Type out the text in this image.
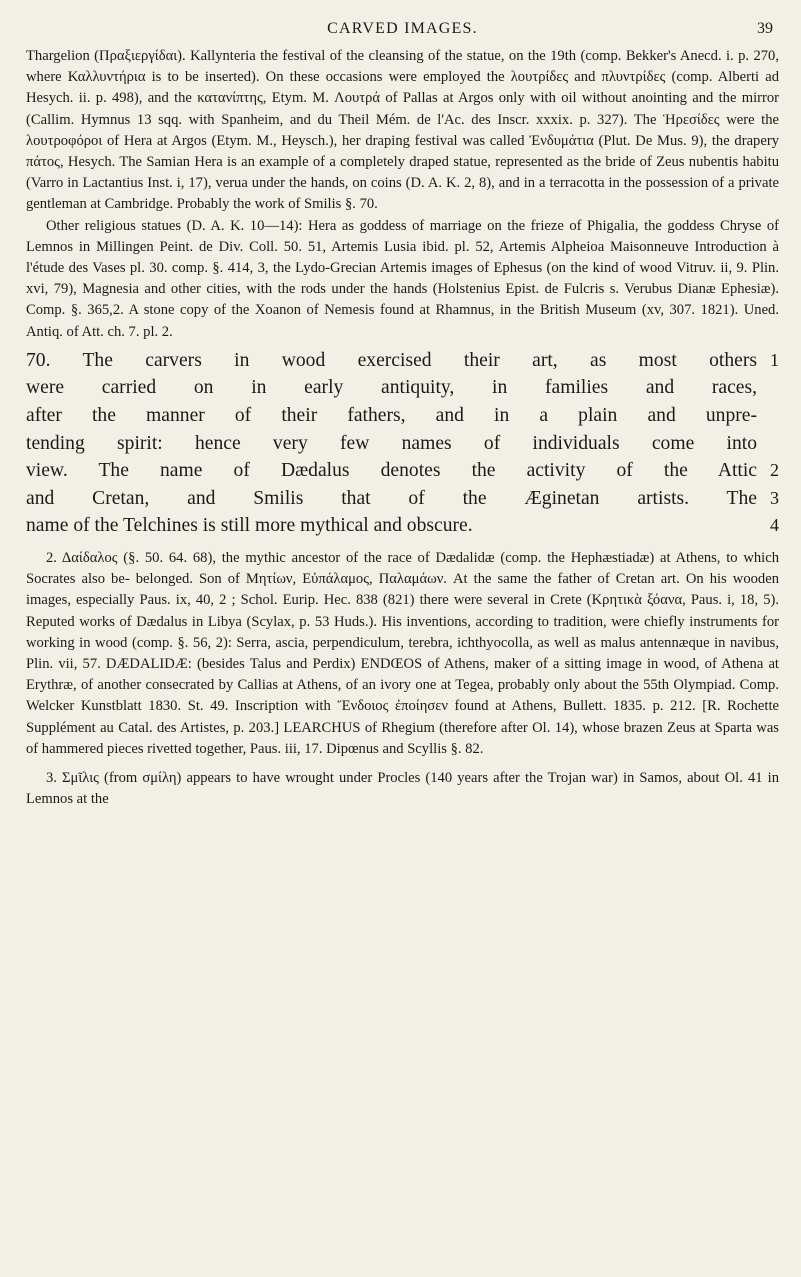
CARVED IMAGES.	39

Thargelion (Πραξιεργίδαι). Kallynteria the festival of the cleansing of the statue, on the 19th (comp. Bekker's Anecd. i. p. 270, where Καλλυντήρια is to be inserted). On these occasions were employed the λουτρίδες and πλυντρίδες (comp. Alberti ad Hesych. ii. p. 498), and the κατανίπτης, Etym. M. Λουτρά of Pallas at Argos only with oil without anointing and the mirror (Callim. Hymnus 13 sqq. with Spanheim, and du Theil Mém. de l'Ac. des Inscr. xxxix. p. 327). The Ἡρεσίδες were the λουτροφόροι of Hera at Argos (Etym. M., Heysch.), her draping festival was called Ἐνδυμάτια (Plut. De Mus. 9), the drapery πάτος, Hesych. The Samian Hera is an example of a completely draped statue, represented as the bride of Zeus nubentis habitu (Varro in Lactantius Inst. i, 17), verua under the hands, on coins (D. A. K. 2, 8), and in a terracotta in the possession of a private gentleman at Cambridge. Probably the work of Smilis §. 70.

Other religious statues (D. A. K. 10—14): Hera as goddess of marriage on the frieze of Phigalia, the goddess Chryse of Lemnos in Millingen Peint. de Div. Coll. 50. 51, Artemis Lusia ibid. pl. 52, Artemis Alpheioa Maisonneuve Introduction à l'étude des Vases pl. 30. comp. §. 414, 3, the Lydo-Grecian Artemis images of Ephesus (on the kind of wood Vitruv. ii, 9. Plin. xvi, 79), Magnesia and other cities, with the rods under the hands (Holstenius Epist. de Fulcris s. Verubus Dianæ Ephesiæ). Comp. §. 365,2. A stone copy of the Xoanon of Nemesis found at Rhamnus, in the British Museum (xv, 307. 1821). Uned. Antiq. of Att. ch. 7. pl. 2.

70. The carvers in wood exercised their art, as most others 1
were carried on in early antiquity, in families and races,
after the manner of their fathers, and in a plain and unpre-
tending spirit: hence very few names of individuals come into
view. The name of Dædalus denotes the activity of the Attic 2
and Cretan, and Smilis that of the Æginetan artists. The 3
name of the Telchines is still more mythical and obscure.	4

2. Δαίδαλος (§. 50. 64. 68), the mythic ancestor of the race of Dædalidæ (comp. the Hephæstiadæ) at Athens, to which Socrates also be- belonged. Son of Μητίων, Εὐπάλαμος, Παλαμάων. At the same the father of Cretan art. On his wooden images, especially Paus. ix, 40, 2 ; Schol. Eurip. Hec. 838 (821) there were several in Crete (Κρητικὰ ξόανα, Paus. i, 18, 5). Reputed works of Dædalus in Libya (Scylax, p. 53 Huds.). His inventions, according to tradition, were chiefly instruments for working in wood (comp. §. 56, 2): Serra, ascia, perpendiculum, terebra, ichthyocolla, as well as malus antennæque in navibus, Plin. vii, 57. DÆDALIDÆ: (besides Talus and Perdix) ENDŒOS of Athens, maker of a sitting image in wood, of Athena at Erythræ, of another consecrated by Callias at Athens, of an ivory one at Tegea, probably only about the 55th Olympiad. Comp. Welcker Kunstblatt 1830. St. 49. Inscription with Ἔνδοιος ἐποίησεν found at Athens, Bullett. 1835. p. 212. [R. Rochette Supplément au Catal. des Artistes, p. 203.] LEARCHUS of Rhegium (therefore after Ol. 14), whose brazen Zeus at Sparta was of hammered pieces rivetted together, Paus. iii, 17. Dipœnus and Scyllis §. 82.

3. Σμῖλις (from σμίλη) appears to have wrought under Procles (140 years after the Trojan war) in Samos, about Ol. 41 in Lemnos at the
